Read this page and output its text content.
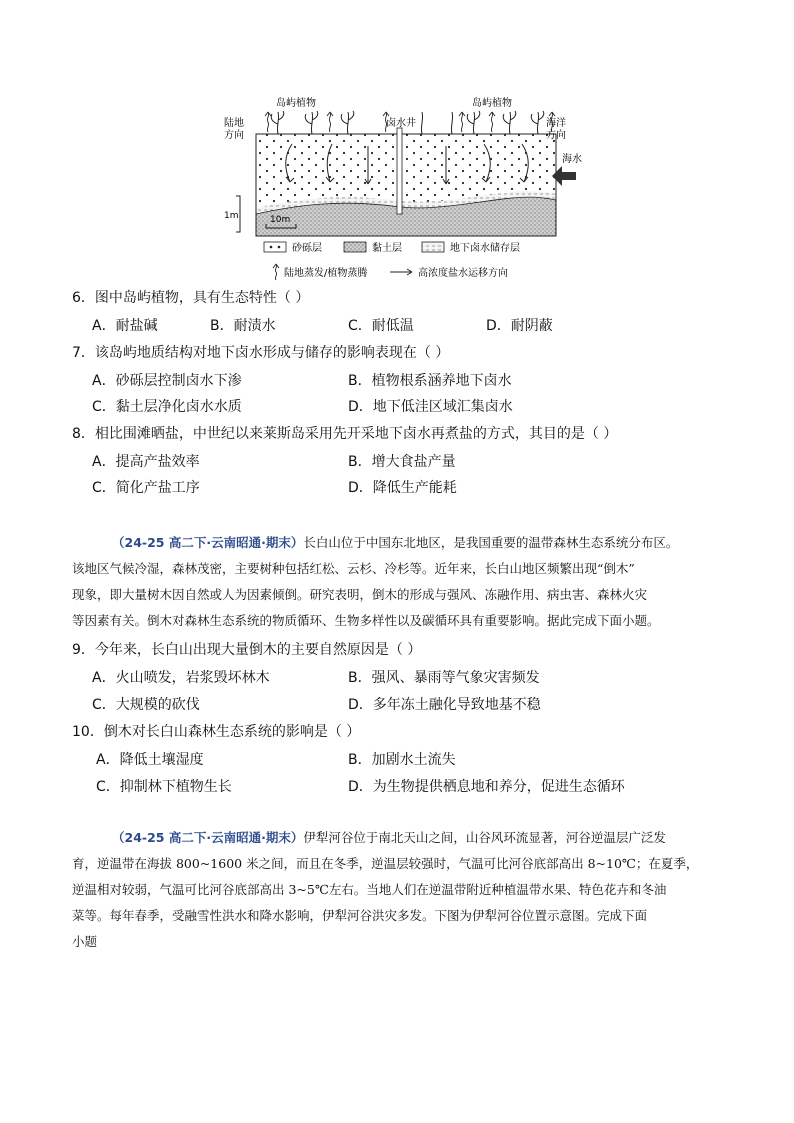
岛屿植物	岛屿植物
陆地
方向
海洋
方向
卤水井
海水
1m	10m
砂砾层	黏土层	地下卤水储存层
陆地蒸发/植物蒸腾	高浓度盐水运移方向
6．图中岛屿植物，具有生态特性（ ）
A．耐盐碱	B．耐渍水	C．耐低温	D．耐阴蔽
7．该岛屿地质结构对地下卤水形成与储存的影响表现在（ ）
A．砂砾层控制卤水下渗	B．植物根系涵养地下卤水
C．黏土层净化卤水水质	D．地下低洼区域汇集卤水
8．相比围滩晒盐，中世纪以来莱斯岛采用先开采地下卤水再煮盐的方式，其目的是（ ）
A．提高产盐效率	B．增大食盐产量
C．简化产盐工序	D．降低生产能耗
（24-25 高二下·云南昭通·期末）长白山位于中国东北地区，是我国重要的温带森林生态系统分布区。
该地区气候冷湿，森林茂密，主要树种包括红松、云杉、冷杉等。近年来，长白山地区频繁出现“倒木”
现象，即大量树木因自然或人为因素倾倒。研究表明，倒木的形成与强风、冻融作用、病虫害、森林火灾
等因素有关。倒木对森林生态系统的物质循环、生物多样性以及碳循环具有重要影响。据此完成下面小题。
9．今年来，长白山出现大量倒木的主要自然原因是（ ）
A．火山喷发，岩浆毁坏林木	B．强风、暴雨等气象灾害频发
C．大规模的砍伐	D．多年冻土融化导致地基不稳
10．倒木对长白山森林生态系统的影响是（ ）
A．降低土壤湿度	B．加剧水土流失
C．抑制林下植物生长	D．为生物提供栖息地和养分，促进生态循环
（24-25 高二下·云南昭通·期末）伊犁河谷位于南北天山之间，山谷风环流显著，河谷逆温层广泛发
育，逆温带在海拔 800~1600 米之间，而且在冬季，逆温层较强时，气温可比河谷底部高出 8~10℃；在夏季，
逆温相对较弱，气温可比河谷底部高出 3~5℃左右。当地人们在逆温带附近种植温带水果、特色花卉和冬油
菜等。每年春季，受融雪性洪水和降水影响，伊犁河谷洪灾多发。下图为伊犁河谷位置示意图。完成下面
小题
